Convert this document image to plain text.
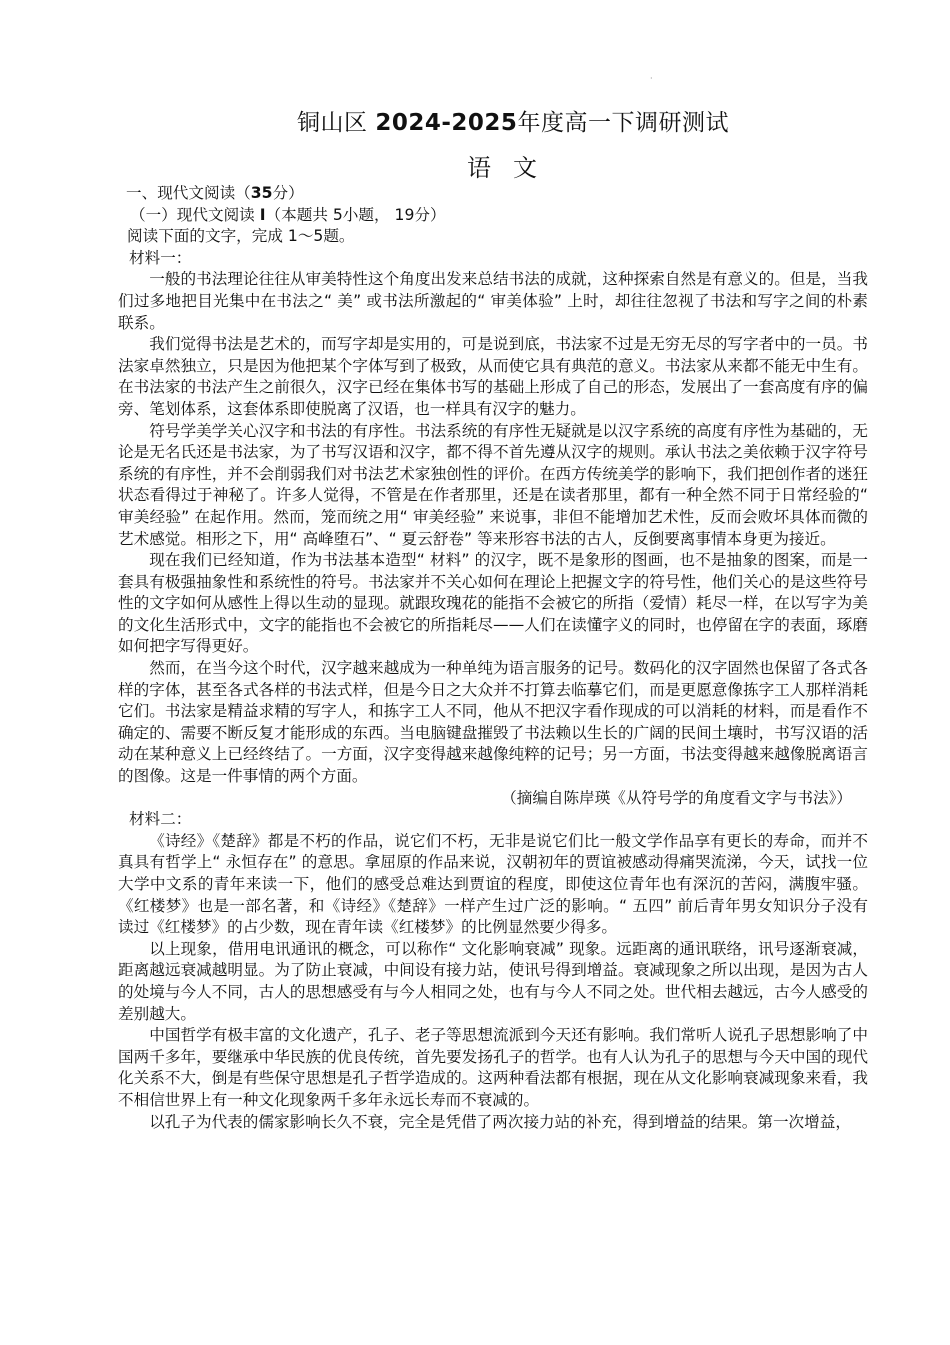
·
铜山区 2024-2025年度高一下调研测试
语文

一、现代文阅读（35分）

（一）现代文阅读 I（本题共 5小题， 19分）

阅读下面的文字，完成 1～5题。

材料一：

一般的书法理论往往从审美特性这个角度出发来总结书法的成就，这种探索自然是有意义的。但是，当我们过多地把目光集中在书法之“ 美” 或书法所激起的“ 审美体验” 上时，却往往忽视了书法和写字之间的朴素联系。

我们觉得书法是艺术的，而写字却是实用的，可是说到底，书法家不过是无穷无尽的写字者中的一员。书法家卓然独立，只是因为他把某个字体写到了极致，从而使它具有典范的意义。书法家从来都不能无中生有。在书法家的书法产生之前很久，汉字已经在集体书写的基础上形成了自己的形态，发展出了一套高度有序的偏旁、笔划体系，这套体系即使脱离了汉语，也一样具有汉字的魅力。

符号学美学关心汉字和书法的有序性。书法系统的有序性无疑就是以汉字系统的高度有序性为基础的，无论是无名氏还是书法家，为了书写汉语和汉字，都不得不首先遵从汉字的规则。承认书法之美依赖于汉字符号系统的有序性，并不会削弱我们对书法艺术家独创性的评价。在西方传统美学的影响下，我们把创作者的迷狂状态看得过于神秘了。许多人觉得，不管是在作者那里，还是在读者那里，都有一种全然不同于日常经验的“ 审美经验” 在起作用。然而，笼而统之用“ 审美经验” 来说事，非但不能增加艺术性，反而会败坏具体而微的艺术感觉。相形之下，用“ 高峰堕石”、“ 夏云舒卷” 等来形容书法的古人，反倒要离事情本身更为接近。

现在我们已经知道，作为书法基本造型“ 材料” 的汉字，既不是象形的图画，也不是抽象的图案，而是一套具有极强抽象性和系统性的符号。书法家并不关心如何在理论上把握文字的符号性，他们关心的是这些符号性的文字如何从感性上得以生动的显现。就跟玫瑰花的能指不会被它的所指（爱情）耗尽一样，在以写字为美的文化生活形式中，文字的能指也不会被它的所指耗尽——人们在读懂字义的同时，也停留在字的表面，琢磨如何把字写得更好。

然而，在当今这个时代，汉字越来越成为一种单纯为语言服务的记号。数码化的汉字固然也保留了各式各样的字体，甚至各式各样的书法式样，但是今日之大众并不打算去临摹它们，而是更愿意像拣字工人那样消耗它们。书法家是精益求精的写字人，和拣字工人不同，他从不把汉字看作现成的可以消耗的材料，而是看作不确定的、需要不断反复才能形成的东西。当电脑键盘摧毁了书法赖以生长的广阔的民间土壤时，书写汉语的活动在某种意义上已经终结了。一方面，汉字变得越来越像纯粹的记号；另一方面，书法变得越来越像脱离语言的图像。这是一件事情的两个方面。

（摘编自陈岸瑛《从符号学的角度看文字与书法》）

材料二：

《诗经》《楚辞》都是不朽的作品，说它们不朽，无非是说它们比一般文学作品享有更长的寿命，而并不真具有哲学上“ 永恒存在” 的意思。拿屈原的作品来说，汉朝初年的贾谊被感动得痛哭流涕，今天，试找一位大学中文系的青年来读一下，他们的感受总难达到贾谊的程度，即使这位青年也有深沉的苦闷，满腹牢骚。《红楼梦》也是一部名著，和《诗经》《楚辞》一样产生过广泛的影响。“ 五四” 前后青年男女知识分子没有读过《红楼梦》的占少数，现在青年读《红楼梦》的比例显然要少得多。

以上现象，借用电讯通讯的概念，可以称作“ 文化影响衰减” 现象。远距离的通讯联络，讯号逐渐衰减，距离越远衰减越明显。为了防止衰减，中间设有接力站，使讯号得到增益。衰减现象之所以出现，是因为古人的处境与今人不同，古人的思想感受有与今人相同之处，也有与今人不同之处。世代相去越远，古今人感受的差别越大。

中国哲学有极丰富的文化遗产，孔子、老子等思想流派到今天还有影响。我们常听人说孔子思想影响了中国两千多年，要继承中华民族的优良传统，首先要发扬孔子的哲学。也有人认为孔子的思想与今天中国的现代化关系不大，倒是有些保守思想是孔子哲学造成的。这两种看法都有根据，现在从文化影响衰减现象来看，我不相信世界上有一种文化现象两千多年永远长寿而不衰减的。

以孔子为代表的儒家影响长久不衰，完全是凭借了两次接力站的补充，得到增益的结果。第一次增益，
